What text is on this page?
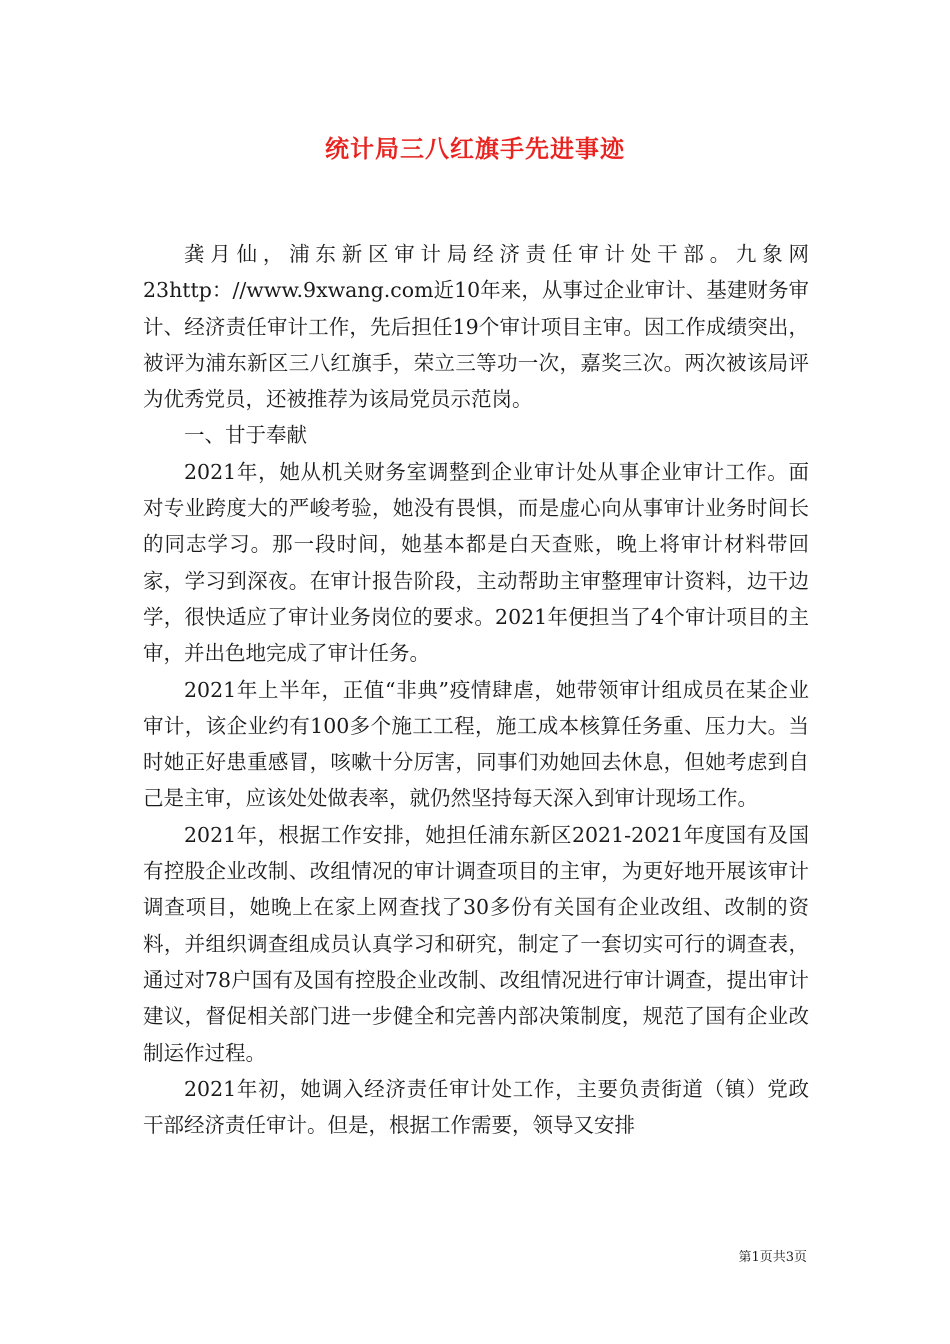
统计局三八红旗手先进事迹

龚月仙，浦东新区审计局经济责任审计处干部。九象网23http：//www.9xwang.com近10年来，从事过企业审计、基建财务审计、经济责任审计工作，先后担任19个审计项目主审。因工作成绩突出，被评为浦东新区三八红旗手，荣立三等功一次，嘉奖三次。两次被该局评为优秀党员，还被推荐为该局党员示范岗。

一、甘于奉献

2021年，她从机关财务室调整到企业审计处从事企业审计工作。面对专业跨度大的严峻考验，她没有畏惧，而是虚心向从事审计业务时间长的同志学习。那一段时间，她基本都是白天查账，晚上将审计材料带回家，学习到深夜。在审计报告阶段，主动帮助主审整理审计资料，边干边学，很快适应了审计业务岗位的要求。2021年便担当了4个审计项目的主审，并出色地完成了审计任务。

2021年上半年，正值“非典”疫情肆虐，她带领审计组成员在某企业审计，该企业约有100多个施工工程，施工成本核算任务重、压力大。当时她正好患重感冒，咳嗽十分厉害，同事们劝她回去休息，但她考虑到自己是主审，应该处处做表率，就仍然坚持每天深入到审计现场工作。

2021年，根据工作安排，她担任浦东新区2021-2021年度国有及国有控股企业改制、改组情况的审计调查项目的主审，为更好地开展该审计调查项目，她晚上在家上网查找了30多份有关国有企业改组、改制的资料，并组织调查组成员认真学习和研究，制定了一套切实可行的调查表，通过对78户国有及国有控股企业改制、改组情况进行审计调查，提出审计建议，督促相关部门进一步健全和完善内部决策制度，规范了国有企业改制运作过程。

2021年初，她调入经济责任审计处工作，主要负责街道（镇）党政干部经济责任审计。但是，根据工作需要，领导又安排

第1页共3页
